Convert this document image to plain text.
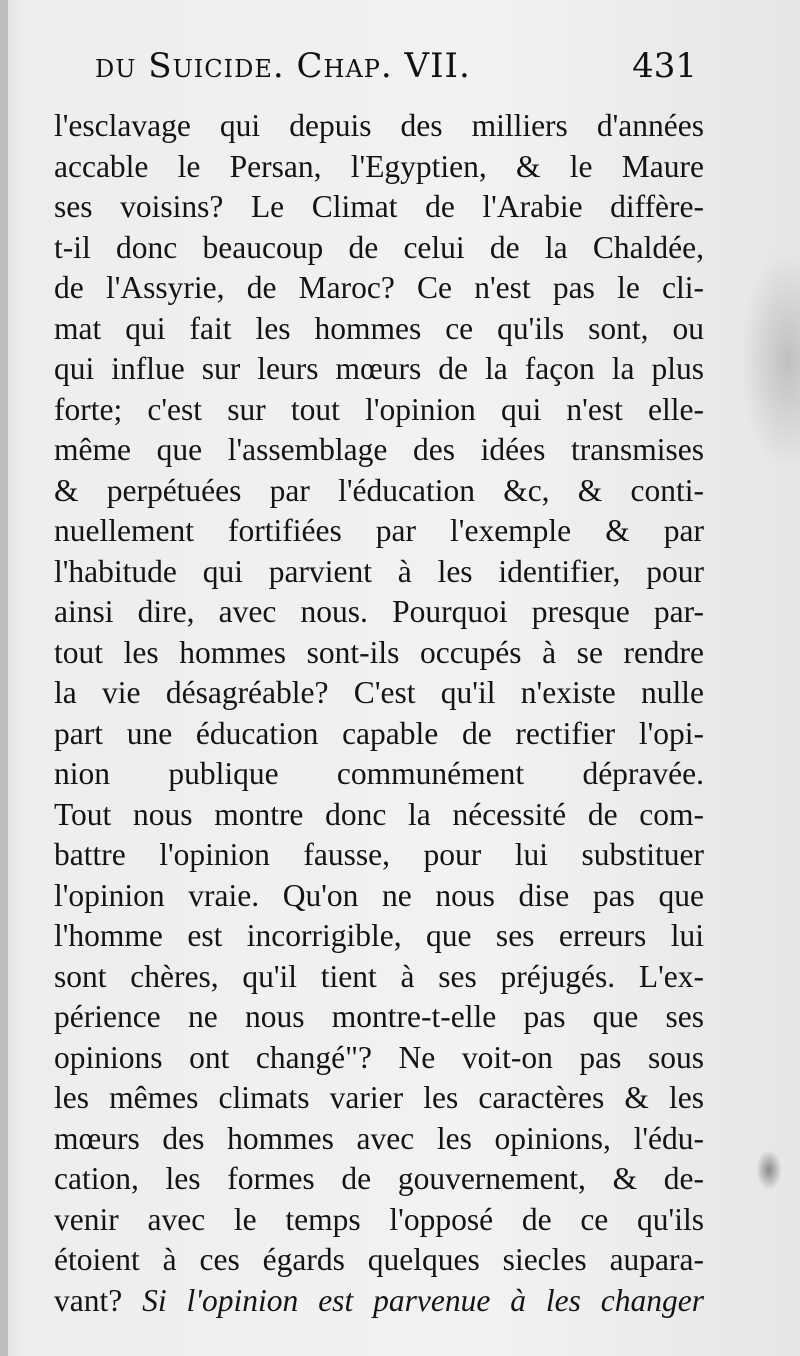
du Suicide. Chap. VII.	431
l'esclavage qui depuis des milliers d'années
accable le Persan, l'Egyptien, & le Maure
ses voisins? Le Climat de l'Arabie diffère-
t-il donc beaucoup de celui de la Chaldée,
de l'Assyrie, de Maroc? Ce n'est pas le cli-
mat qui fait les hommes ce qu'ils sont, ou
qui influe sur leurs mœurs de la façon la plus
forte; c'est sur tout l'opinion qui n'est elle-
même que l'assemblage des idées transmises
& perpétuées par l'éducation &c, & conti-
nuellement fortifiées par l'exemple & par
l'habitude qui parvient à les identifier, pour
ainsi dire, avec nous. Pourquoi presque par-
tout les hommes sont-ils occupés à se rendre
la vie désagréable? C'est qu'il n'existe nulle
part une éducation capable de rectifier l'opi-
nion publique communément dépravée.
Tout nous montre donc la nécessité de com-
battre l'opinion fausse, pour lui substituer
l'opinion vraie. Qu'on ne nous dise pas que
l'homme est incorrigible, que ses erreurs lui
sont chères, qu'il tient à ses préjugés. L'ex-
périence ne nous montre-t-elle pas que ses
opinions ont changé"? Ne voit-on pas sous
les mêmes climats varier les caractères & les
mœurs des hommes avec les opinions, l'édu-
cation, les formes de gouvernement, & de-
venir avec le temps l'opposé de ce qu'ils
étoient à ces égards quelques siecles aupara-
vant? Si l'opinion est parvenue à les changer
